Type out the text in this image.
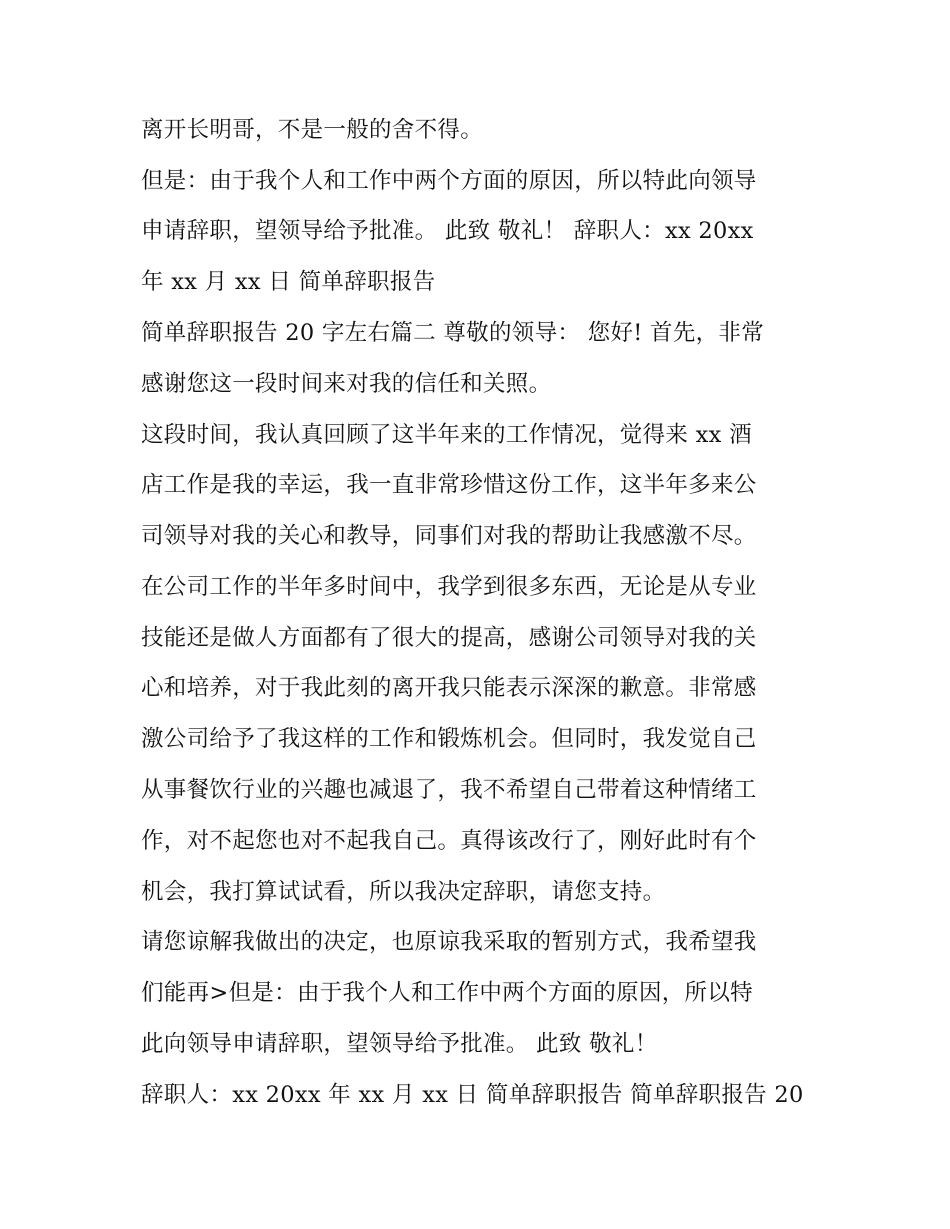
离开长明哥，不是一般的舍不得。

但是：由于我个人和工作中两个方面的原因，所以特此向领导

申请辞职，望领导给予批准。 此致 敬礼！ 辞职人：xx 20xx

年 xx 月 xx 日 简单辞职报告

简单辞职报告 20 字左右篇二 尊敬的领导： 您好! 首先，非常

感谢您这一段时间来对我的信任和关照。

这段时间，我认真回顾了这半年来的工作情况，觉得来 xx 酒

店工作是我的幸运，我一直非常珍惜这份工作，这半年多来公

司领导对我的关心和教导，同事们对我的帮助让我感激不尽。

在公司工作的半年多时间中，我学到很多东西，无论是从专业

技能还是做人方面都有了很大的提高，感谢公司领导对我的关

心和培养，对于我此刻的离开我只能表示深深的歉意。非常感

激公司给予了我这样的工作和锻炼机会。但同时，我发觉自己

从事餐饮行业的兴趣也减退了，我不希望自己带着这种情绪工

作，对不起您也对不起我自己。真得该改行了，刚好此时有个

机会，我打算试试看，所以我决定辞职，请您支持。

请您谅解我做出的决定，也原谅我采取的暂别方式，我希望我

们能再>但是：由于我个人和工作中两个方面的原因，所以特

此向领导申请辞职，望领导给予批准。 此致 敬礼！

辞职人：xx 20xx 年 xx 月 xx 日 简单辞职报告 简单辞职报告 20
